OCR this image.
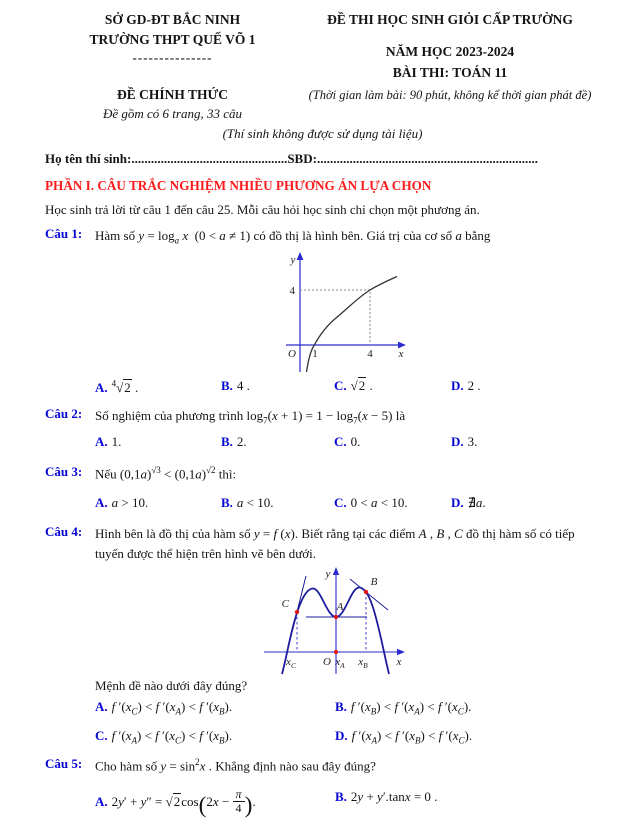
SỞ GD-ĐT BẮC NINH
TRƯỜNG THPT QUẾ VÕ 1
---------------
ĐỀ CHÍNH THỨC
Đề gồm có 6 trang, 33 câu
ĐỀ THI HỌC SINH GIỎI CẤP TRƯỜNG
NĂM HỌC 2023-2024
BÀI THI: TOÁN 11
(Thời gian làm bài: 90 phút, không kể thời gian phát đề)
(Thí sinh không được sử dụng tài liệu)
Họ tên thí sinh:................................................SBD:....................................................................
PHẦN I. CÂU TRẮC NGHIỆM NHIỀU PHƯƠNG ÁN LỰA CHỌN
Học sinh trả lời từ câu 1 đến câu 25. Mỗi câu hỏi học sinh chỉ chọn một phương án.
Câu 1: Hàm số $y = \log_a x$  (0 < a ≠ 1) có đồ thị là hình bên. Giá trị của cơ số a bằng
y
4
O 1	4 x
A. $^4$√2 .	B. 4 .	C. √2 .	D. 2 .
Câu 2: Số nghiệm của phương trình $\log_7(x + 1) = 1 - \log_7(x - 5)$ là
A. 1.	B. 2.	C. 0.	D. 3.
Câu 3: Nếu $(0,1a)^{√3} < (0,1a)^{√2}$ thì:
A. a > 10.	B. a < 10.	C. 0 < a < 10.	D. ∄a.
Câu 4: Hình bên là đồ thị của hàm số y = f (x). Biết rằng tại các điểm A , B , C đồ thị hàm số có tiếp tuyến được thể hiện trên hình vẽ bên dưới.
y
x
C	A
B
O
$x_C$	$x_A$ $x_B$
Mệnh đề nào dưới đây đúng?
A. f $'(x_C) < f$ $'(x_A) < f$ $'(x_B)$.	B. f $'(x_B) < f$ $'(x_A) < f$ $'(x_C)$.
C. f $'(x_A) < f$ $'(x_C) < f$ $'(x_B)$.	D. f $'(x_A) < f$ $'(x_B) < f$ $'(x_C)$.
Câu 5: Cho hàm số $y = \sin^2x$ . Khẳng định nào sau đây đúng?
A. $2y' + y'' = √2\cos(2x - \frac{\pi}{4}$ ).	B. 2y + y′.tanx = 0 .
